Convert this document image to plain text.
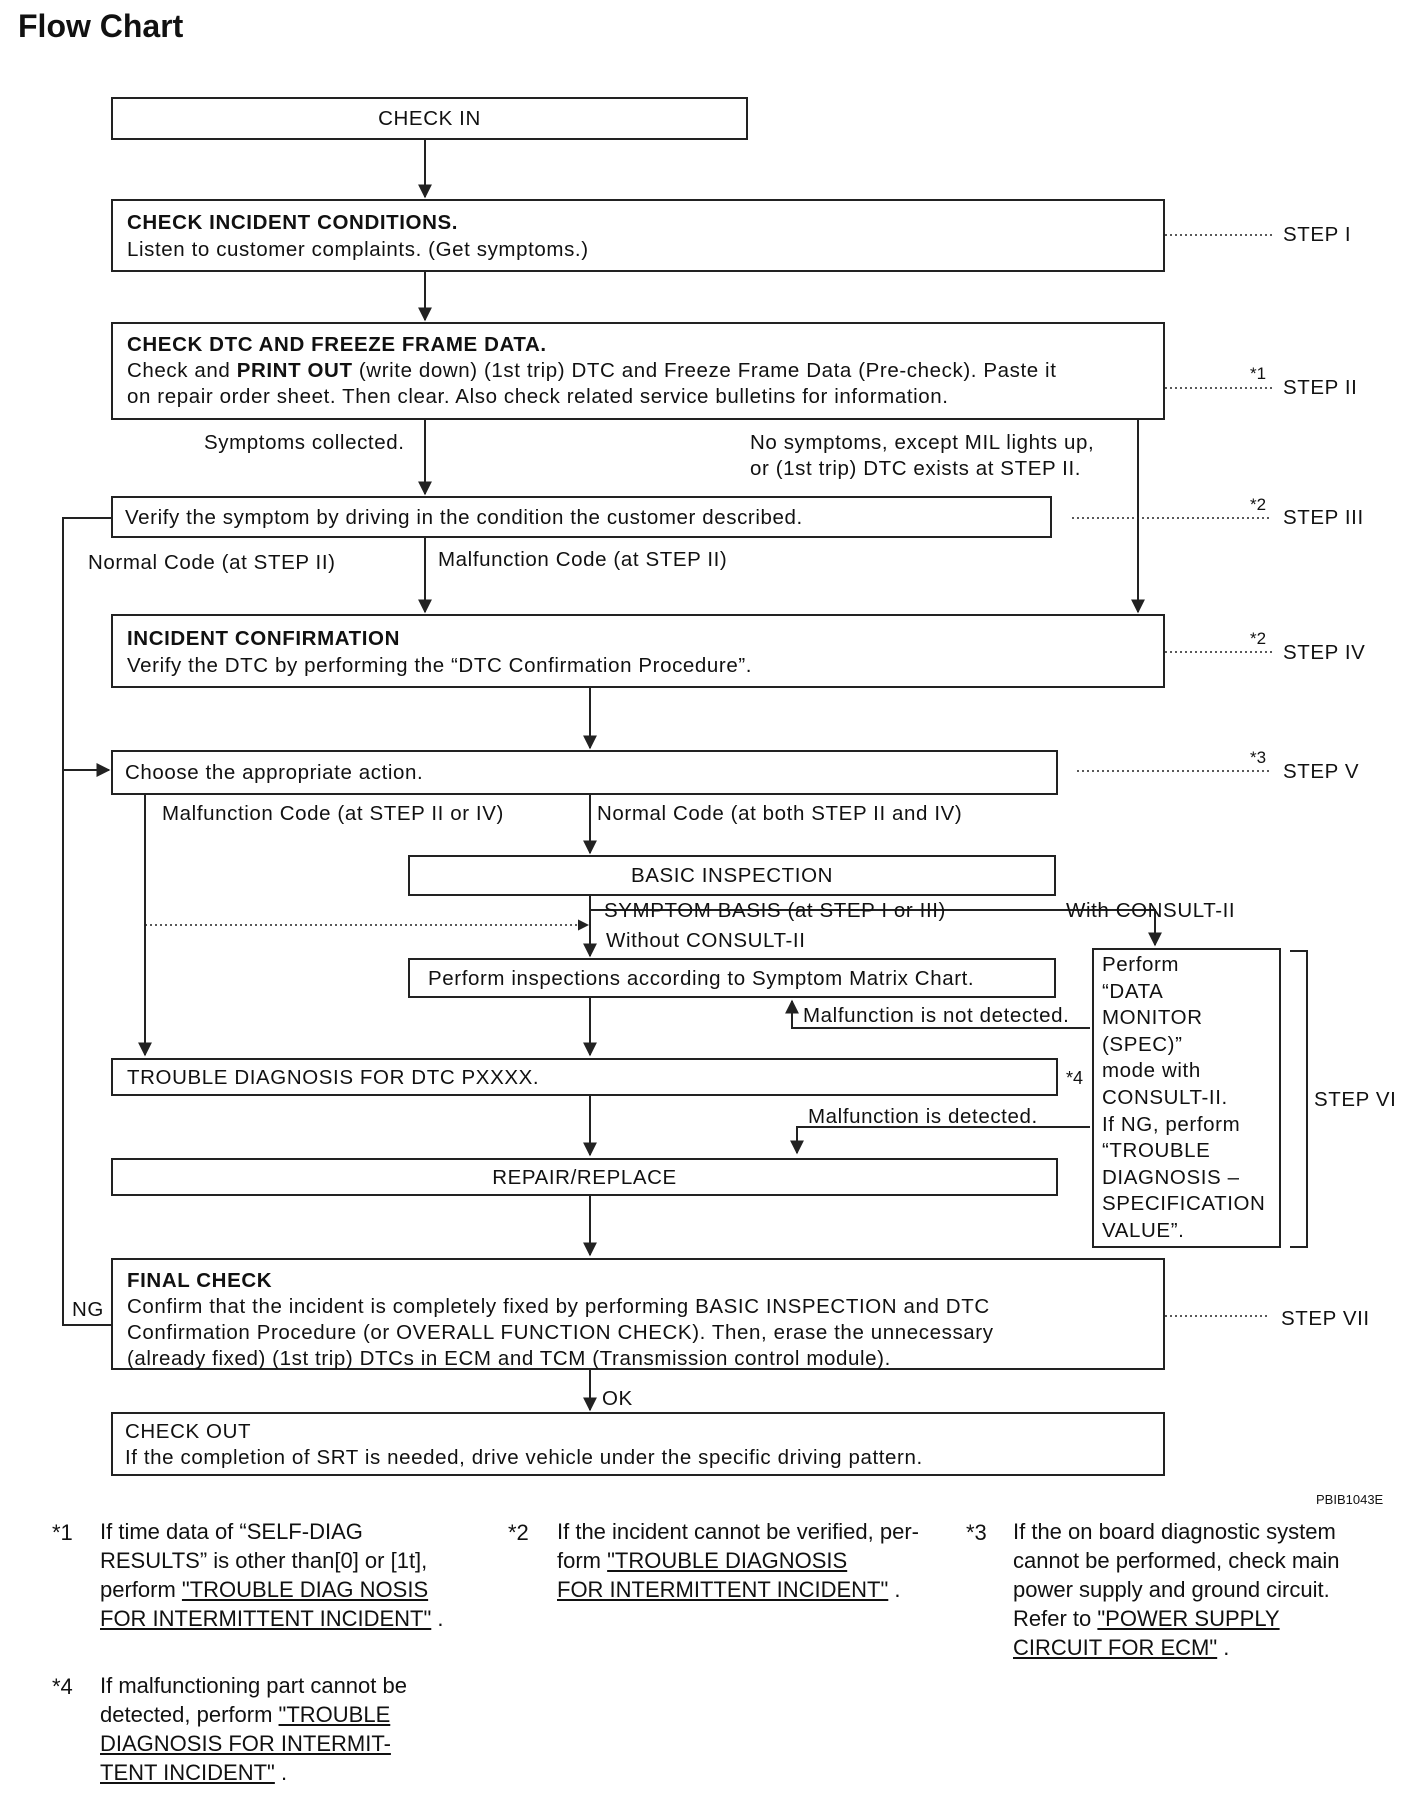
Flow Chart
CHECK IN
CHECK INCIDENT CONDITIONS.
Listen to customer complaints. (Get symptoms.)
CHECK DTC AND FREEZE FRAME DATA.
Check and PRINT OUT (write down) (1st trip) DTC and Freeze Frame Data (Pre-check). Paste it
on repair order sheet. Then clear. Also check related service bulletins for information.
Symptoms collected.	No symptoms, except MIL lights up,
or (1st trip) DTC exists at STEP II.
Verify the symptom by driving in the condition the customer described.
Normal Code (at STEP II)	Malfunction Code (at STEP II)
INCIDENT CONFIRMATION
Verify the DTC by performing the “DTC Confirmation Procedure”.
Choose the appropriate action.
Malfunction Code (at STEP II or IV)	Normal Code (at both STEP II and IV)
BASIC INSPECTION
SYMPTOM BASIS (at STEP I or III)	With CONSULT-II
Without CONSULT-II
Perform inspections according to Symptom Matrix Chart.
Malfunction is not detected.
Perform
“DATA
MONITOR
(SPEC)”
mode with
CONSULT-II.
If NG, perform
“TROUBLE
DIAGNOSIS –
SPECIFICATION
VALUE”.
TROUBLE DIAGNOSIS FOR DTC PXXXX.	*4
Malfunction is detected.
REPAIR/REPLACE
FINAL CHECK
Confirm that the incident is completely fixed by performing BASIC INSPECTION and DTC
Confirmation Procedure (or OVERALL FUNCTION CHECK). Then, erase the unnecessary
(already fixed) (1st trip) DTCs in ECM and TCM (Transmission control module).
NG
OK
CHECK OUT
If the completion of SRT is needed, drive vehicle under the specific driving pattern.
STEP I
STEP II
STEP III
STEP IV
STEP V
STEP VI
STEP VII
*1
*2
*2
*3
PBIB1043E
*1 If time data of “SELF-DIAG
RESULTS” is other than[0] or [1t],
perform "TROUBLE DIAG NOSIS
FOR INTERMITTENT INCIDENT" .
*2 If the incident cannot be verified, per-
form "TROUBLE DIAGNOSIS
FOR INTERMITTENT INCIDENT" .
*3 If the on board diagnostic system
cannot be performed, check main
power supply and ground circuit.
Refer to "POWER SUPPLY
CIRCUIT FOR ECM" .
*4 If malfunctioning part cannot be
detected, perform "TROUBLE
DIAGNOSIS FOR INTERMIT-
TENT INCIDENT" .
